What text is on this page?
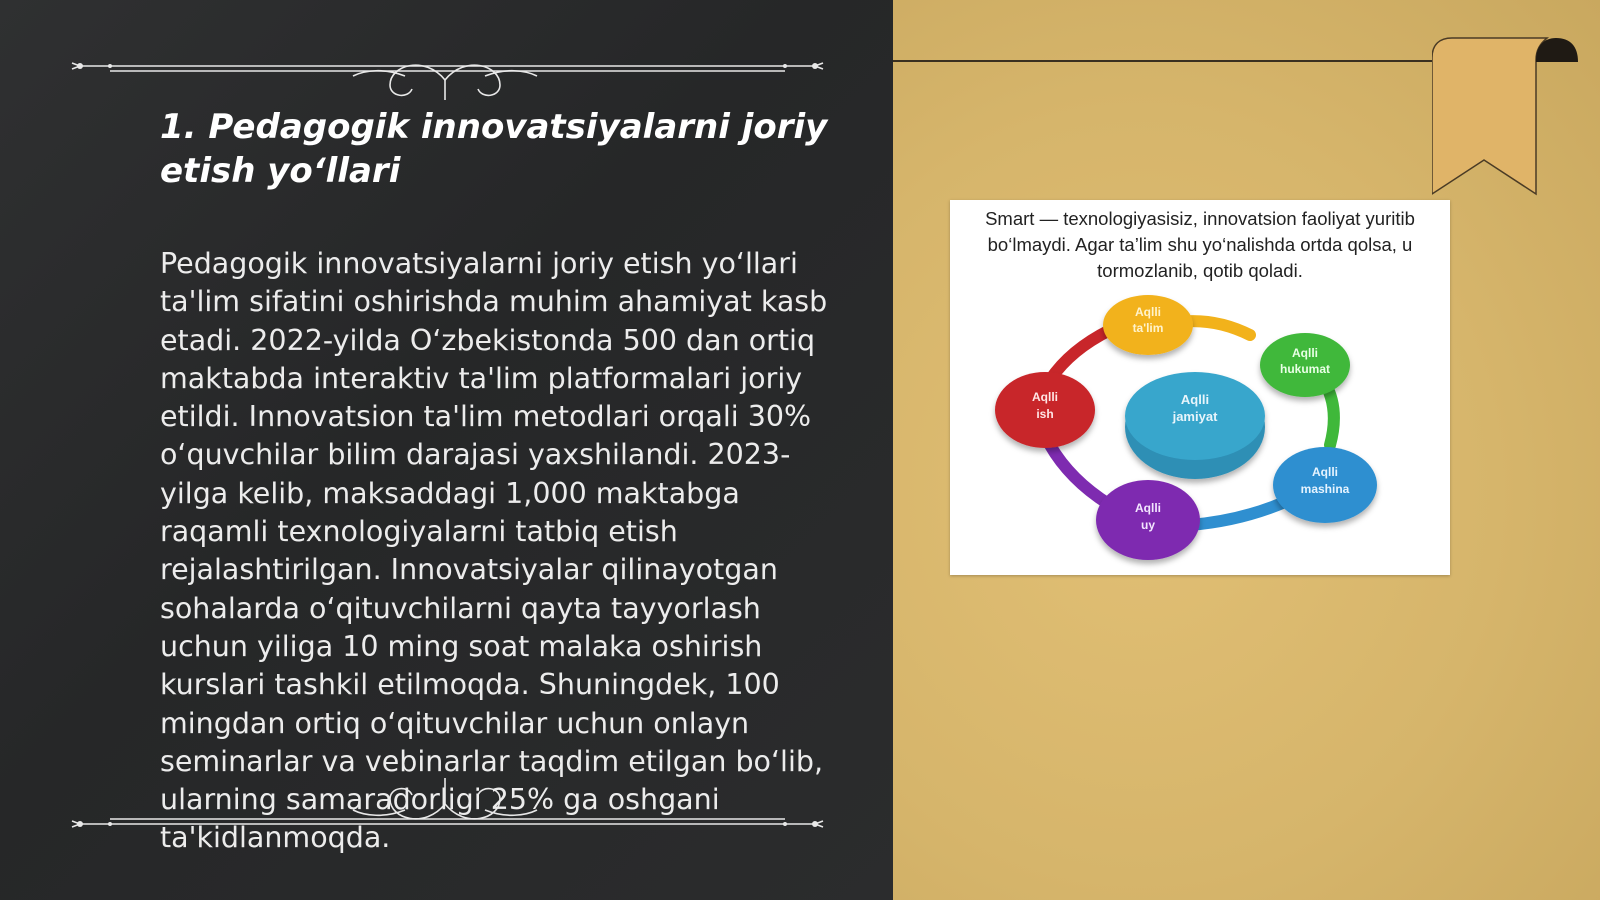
1. Pedagogik innovatsiyalarni joriy etish yo‘llari

Pedagogik innovatsiyalarni joriy etish yo‘llari ta'lim sifatini oshirishda muhim ahamiyat kasb etadi. 2022-yilda O‘zbekistonda 500 dan ortiq maktabda interaktiv ta'lim platformalari joriy etildi. Innovatsion ta'lim metodlari orqali 30% o‘quvchilar bilim darajasi yaxshilandi. 2023-yilga kelib, maksaddagi 1,000 maktabga raqamli texnologiyalarni tatbiq etish rejalashtirilgan. Innovatsiyalar qilinayotgan sohalarda o‘qituvchilarni qayta tayyorlash uchun yiliga 10 ming soat malaka oshirish kurslari tashkil etilmoqda. Shuningdek, 100 mingdan ortiq o‘qituvchilar uchun onlayn seminarlar va vebinarlar taqdim etilgan bo‘lib, ularning samaradorligi 25% ga oshgani ta'kidlanmoqda.

Smart — texnologiyasisiz, innovatsion faoliyat yuritib bo‘lmaydi. Agar ta’lim shu yo‘nalishda ortda qolsa, u tormozlanib, qotib qoladi.

Aqlli
jamiyat
Aqlli
ta'lim
Aqlli
hukumat
Aqlli
mashina
Aqlli
uy
Aqlli
ish
